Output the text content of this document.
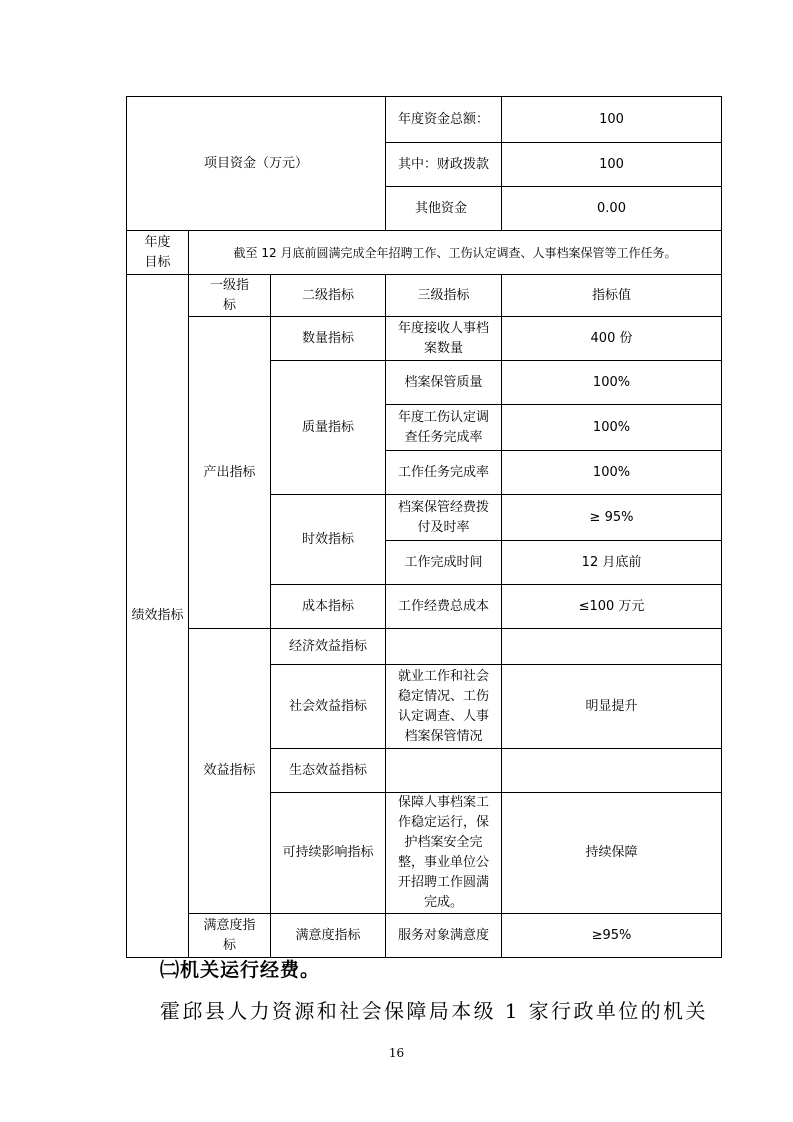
项目资金（万元）			年度资金总额：	100
			其中：财政拨款	100
			其他资金	0.00
年度目标	截至 12 月底前圆满完成全年招聘工作、工伤认定调查、人事档案保管等工作任务。			
绩效指标	一级指标	二级指标	三级指标	指标值
	产出指标	数量指标	年度接收人事档案数量	400 份
		质量指标	档案保管质量	100%
			年度工伤认定调查任务完成率	100%
			工作任务完成率	100%
		时效指标	档案保管经费拨付及时率	≥ 95%
			工作完成时间	12 月底前
		成本指标	工作经费总成本	≤100 万元
	效益指标	经济效益指标		
		社会效益指标	就业工作和社会稳定情况、工伤认定调查、人事档案保管情况	明显提升
		生态效益指标		
		可持续影响指标	保障人事档案工作稳定运行，保护档案安全完整，事业单位公开招聘工作圆满完成。	持续保障
	满意度指标	满意度指标	服务对象满意度	≥95%
㈡机关运行经费。
霍邱县人力资源和社会保障局本级 1 家行政单位的机关
16
